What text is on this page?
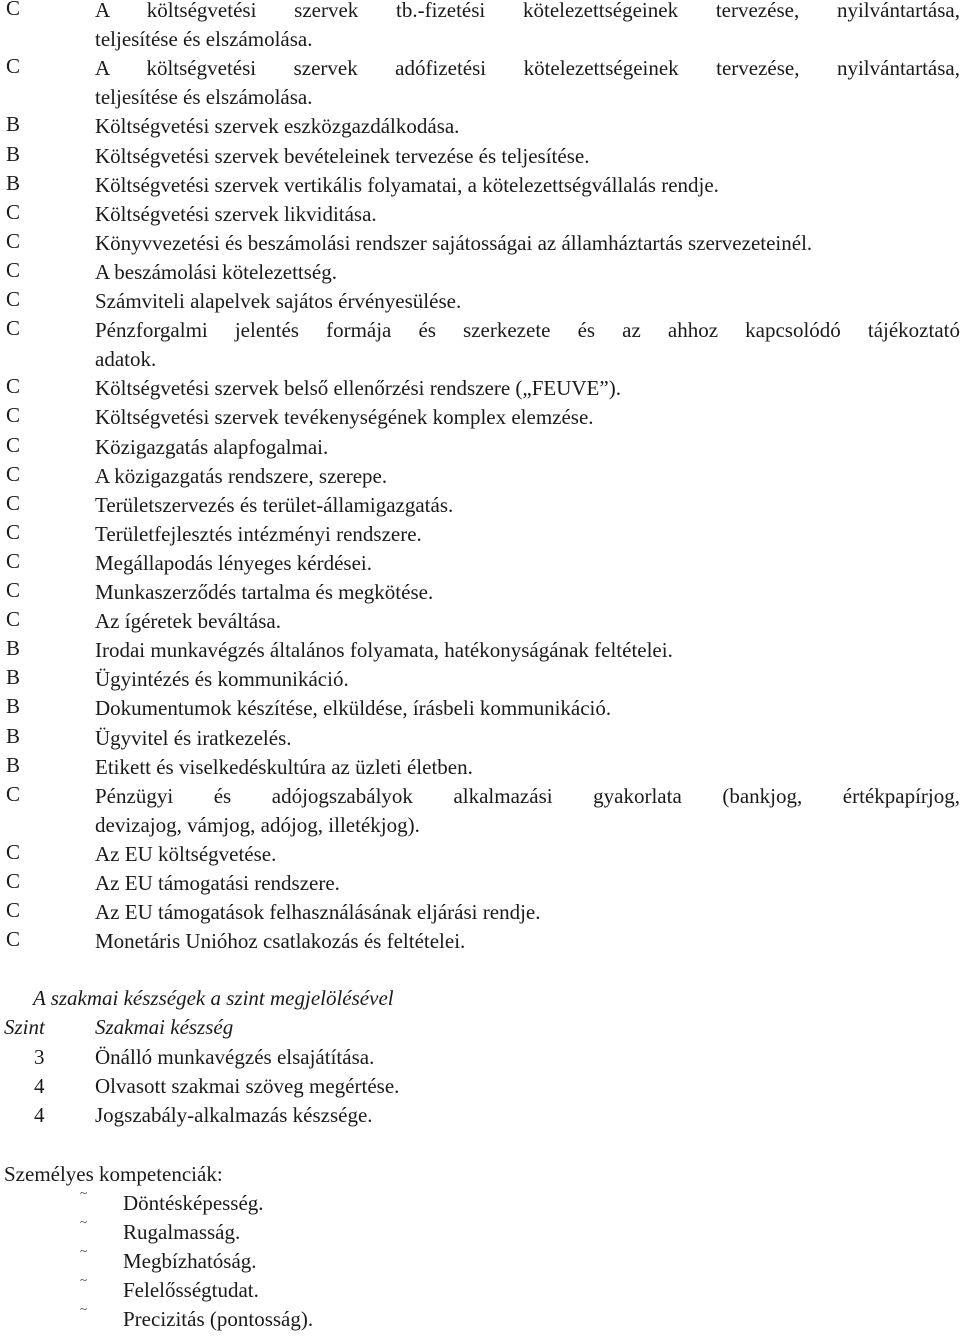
C	A költségvetési szervek tb.-fizetési kötelezettségeinek tervezése, nyilvántartása,
teljesítése és elszámolása.
C	A költségvetési szervek adófizetési kötelezettségeinek tervezése, nyilvántartása,
teljesítése és elszámolása.
B	Költségvetési szervek eszközgazdálkodása.
B	Költségvetési szervek bevételeinek tervezése és teljesítése.
B	Költségvetési szervek vertikális folyamatai, a kötelezettségvállalás rendje.
C	Költségvetési szervek likviditása.
C	Könyvvezetési és beszámolási rendszer sajátosságai az államháztartás szervezeteinél.
C	A beszámolási kötelezettség.
C	Számviteli alapelvek sajátos érvényesülése.
C	Pénzforgalmi jelentés formája és szerkezete és az ahhoz kapcsolódó tájékoztató
adatok.
C	Költségvetési szervek belső ellenőrzési rendszere („FEUVE”).
C	Költségvetési szervek tevékenységének komplex elemzése.
C	Közigazgatás alapfogalmai.
C	A közigazgatás rendszere, szerepe.
C	Területszervezés és terület-államigazgatás.
C	Területfejlesztés intézményi rendszere.
C	Megállapodás lényeges kérdései.
C	Munkaszerződés tartalma és megkötése.
C	Az ígéretek beváltása.
B	Irodai munkavégzés általános folyamata, hatékonyságának feltételei.
B	Ügyintézés és kommunikáció.
B	Dokumentumok készítése, elküldése, írásbeli kommunikáció.
B	Ügyvitel és iratkezelés.
B	Etikett és viselkedéskultúra az üzleti életben.
C	Pénzügyi és adójogszabályok alkalmazási gyakorlata (bankjog, értékpapírjog,
devizajog, vámjog, adójog, illetékjog).
C	Az EU költségvetése.
C	Az EU támogatási rendszere.
C	Az EU támogatások felhasználásának eljárási rendje.
C	Monetáris Unióhoz csatlakozás és feltételei.
A szakmai készségek a szint megjelölésével
Szint Szakmai készség
3 Önálló munkavégzés elsajátítása.
4 Olvasott szakmai szöveg megértése.
4 Jogszabály-alkalmazás készsége.
Személyes kompetenciák:
~ Döntésképesség.
~ Rugalmasság.
~ Megbízhatóság.
~ Felelősségtudat.
~ Precizitás (pontosság).
